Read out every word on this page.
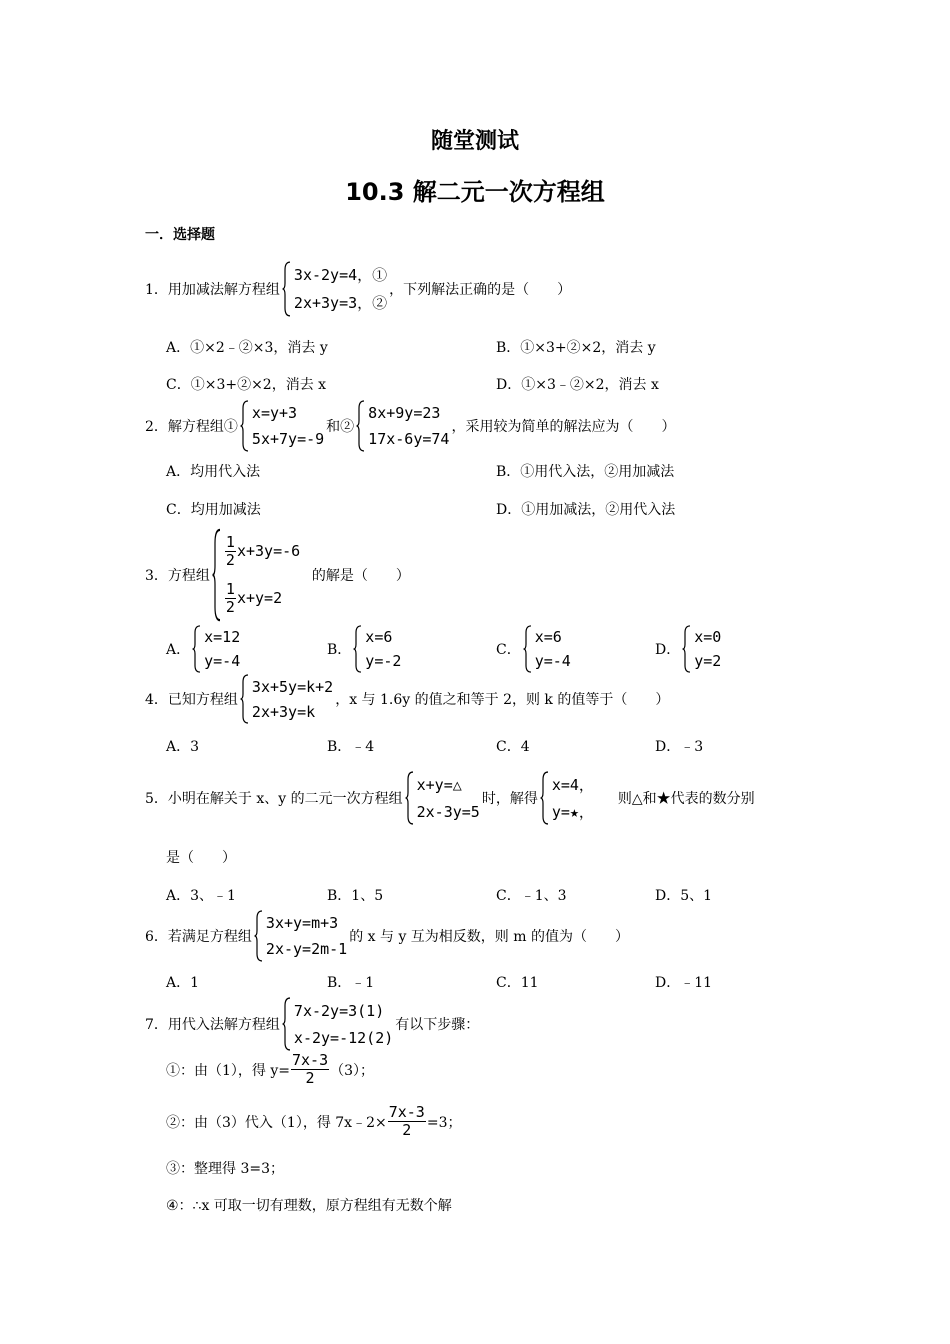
随堂测试
10.3 解二元一次方程组
一．选择题
1．用加减法解方程组
3x-2y=4，①
2x+3y=3，②
，下列解法正确的是（　　）
A．①×2﹣②×3，消去 y	B．①×3+②×2，消去 y
C．①×3+②×2，消去 x	D．①×3﹣②×2，消去 x
2．解方程组①
x=y+3
5x+7y=-9
和②
8x+9y=23
17x-6y=74
，采用较为简单的解法应为（　　）
A．均用代入法	B．①用代入法，②用加减法
C．均用加减法	D．①用加减法，②用代入法
3．方程组
$\frac{1}{2} x+3y=-6$
$\frac{1}{2} x+y=2$
的解是（　　）
A．
x=12
y=-4
B．
x=6
y=-2
C．
x=6
y=-4
D．
x=0
y=2
4．已知方程组
3x+5y=k+2
2x+3y=k
，x 与 1.6y 的值之和等于 2，则 k 的值等于（　　）
A．3	B．﹣4	C．4	D．﹣3
5．小明在解关于 x、y 的二元一次方程组
x+y=△
2x-3y=5
时，解得
x=4，
y=★，
则△和★代表的数分别
是（　　）
A．3、﹣1	B．1、5	C．﹣1、3	D．5、1
6．若满足方程组
3x+y=m+3
2x-y=2m-1
的 x 与 y 互为相反数，则 m 的值为（　　）
A．1	B．﹣1	C．11	D．﹣11
7．用代入法解方程组
7x-2y=3(1)
x-2y=-12(2)
有以下步骤：
①：由（1），得 $y= \frac{7x-3}{2} (3)$；
②：由（3）代入（1），得 7x﹣2× $\frac{7x-3}{2} =3$；
③：整理得 3=3；
④：∴x 可取一切有理数，原方程组有无数个解
